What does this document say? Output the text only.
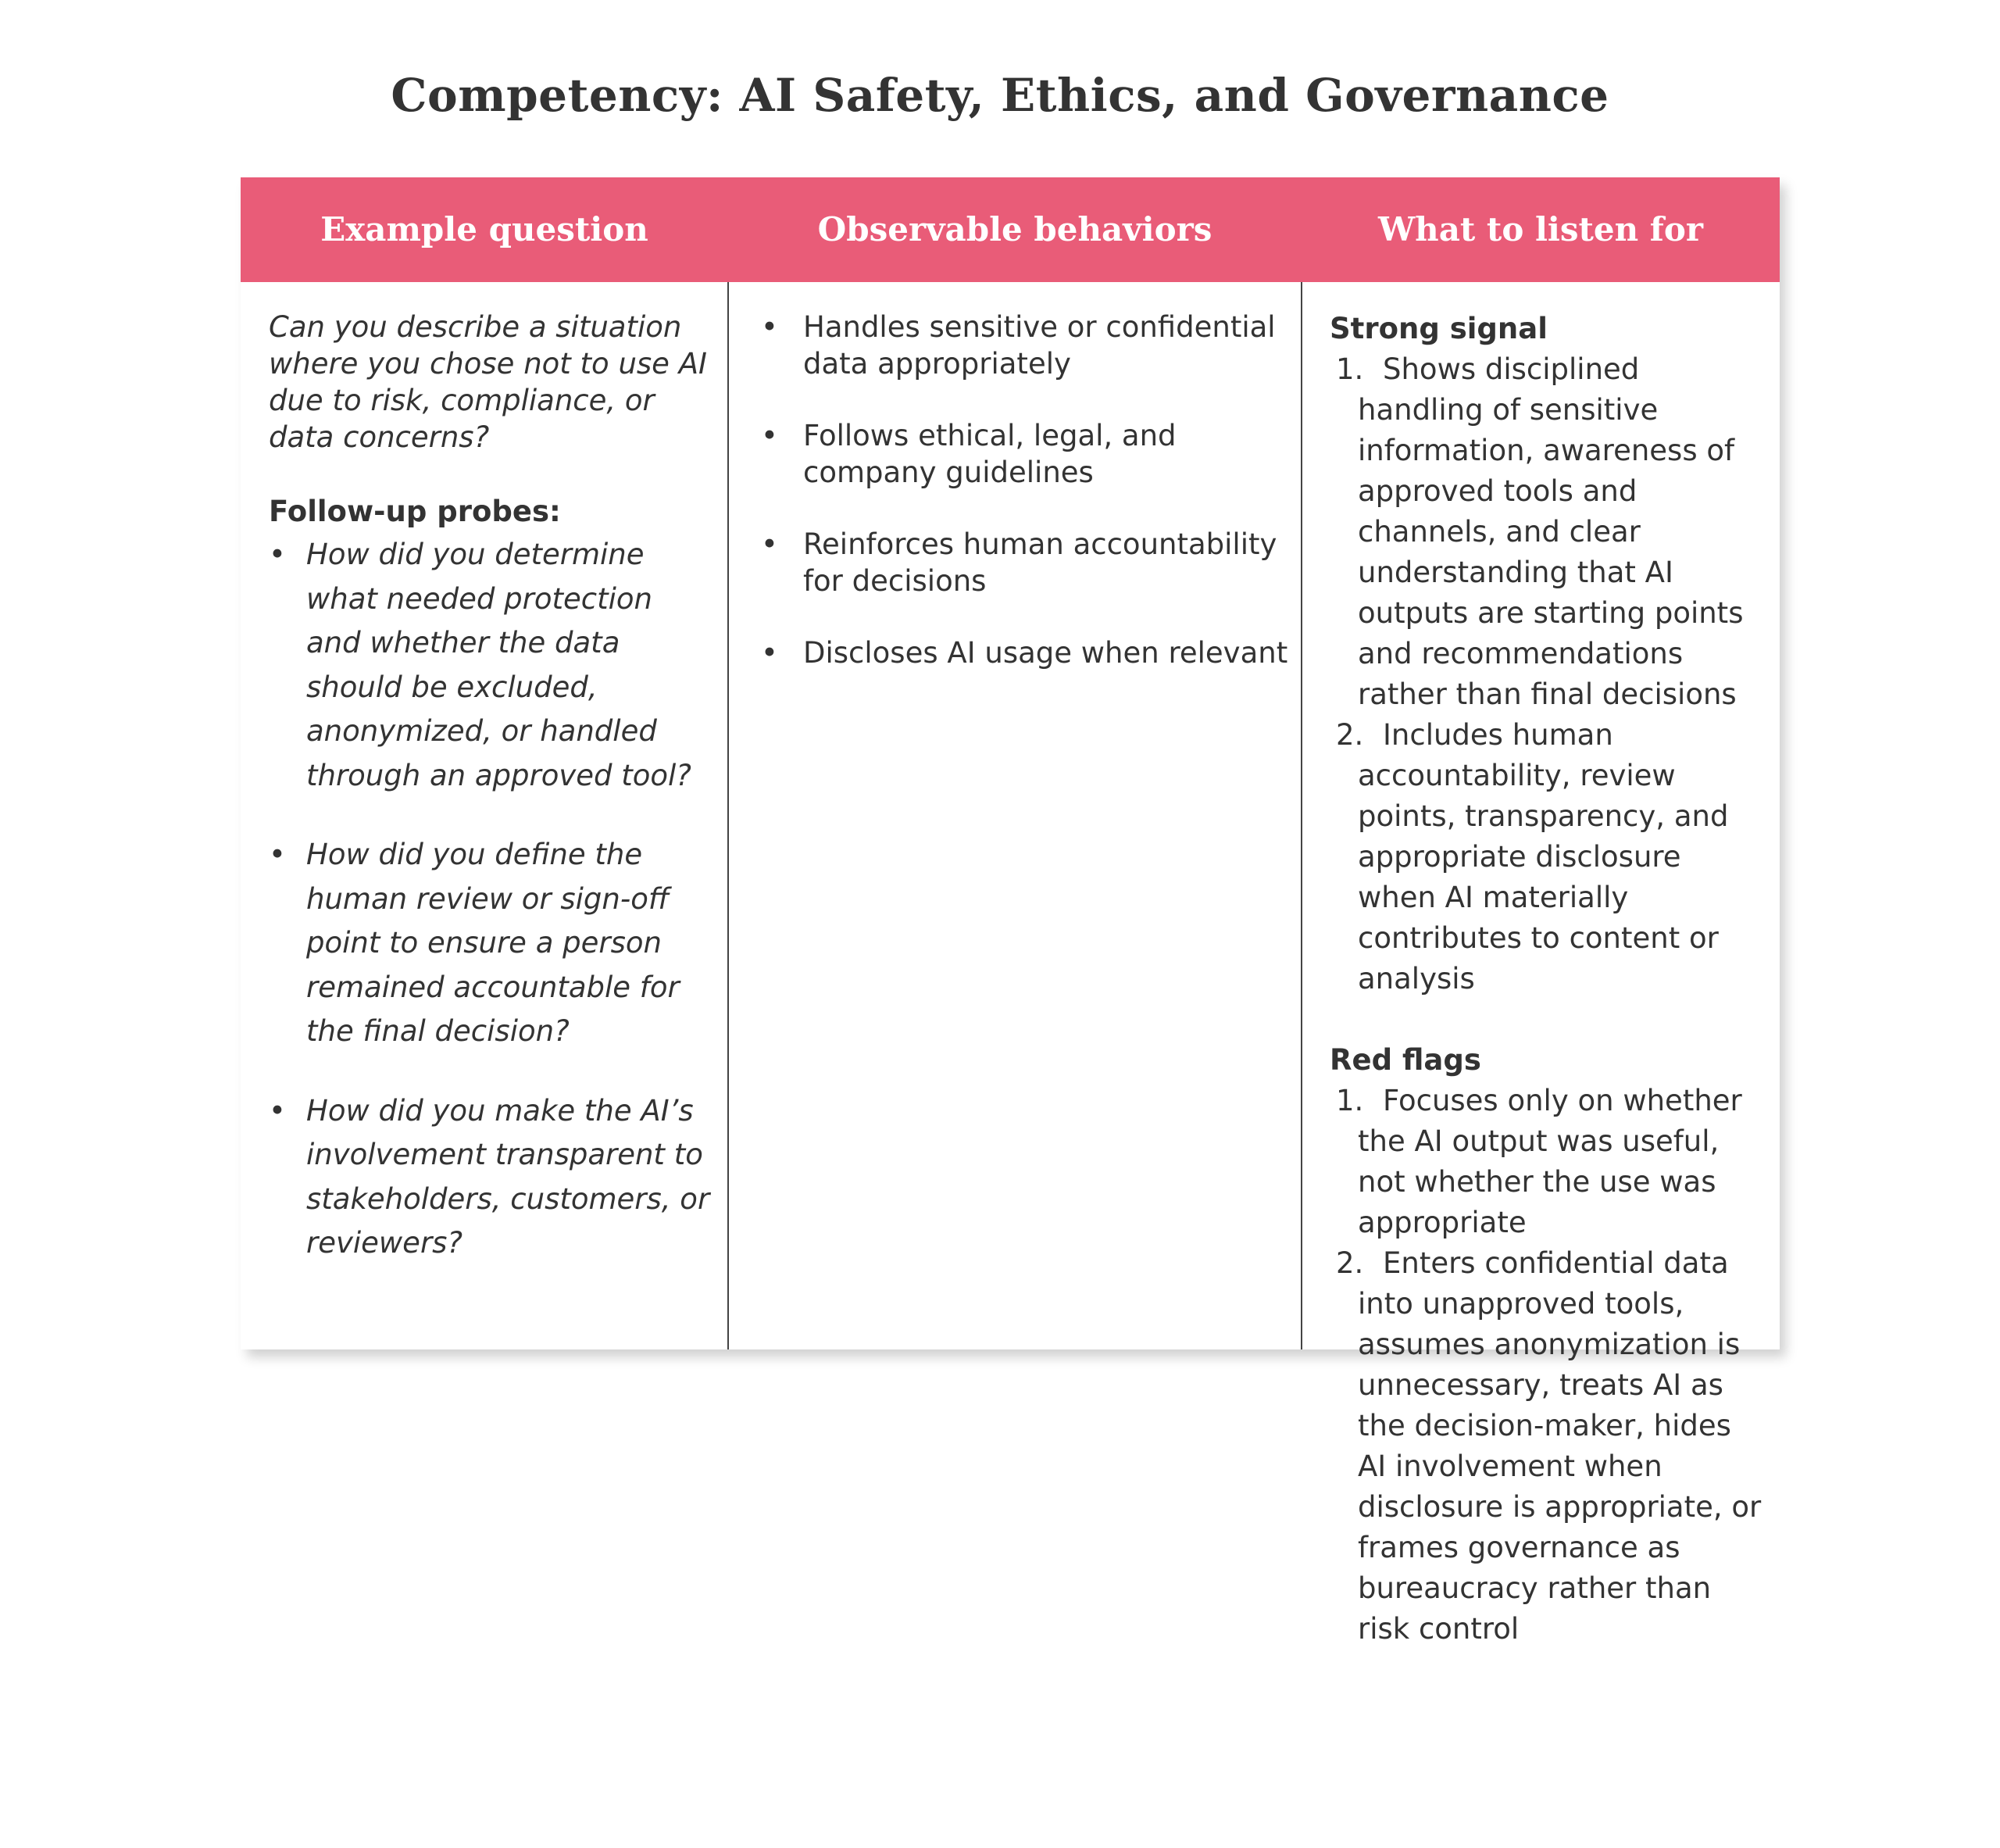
Competency: AI Safety, Ethics, and Governance
Example question	Observable behaviors	What to listen for

Can you describe a situation where you chose not to use AI due to risk, compliance, or data concerns?

Follow-up probes:

• How did you determine what needed protection and whether the data should be excluded, anonymized, or handled through an approved tool?
• How did you define the human review or sign-off point to ensure a person remained accountable for the final decision?
• How did you make the AI’s involvement transparent to stakeholders, customers, or reviewers?
• Handles sensitive or confidential data appropriately
• Follows ethical, legal, and company guidelines
• Reinforces human accountability for decisions
• Discloses AI usage when relevant

Strong signal

1. Shows disciplined handling of sensitive information, awareness of approved tools and channels, and clear understanding that AI outputs are starting points and recommendations rather than final decisions
2. Includes human accountability, review points, transparency, and appropriate disclosure when AI materially contributes to content or analysis

Red flags

1. Focuses only on whether the AI output was useful, not whether the use was appropriate
2. Enters confidential data into unapproved tools, assumes anonymization is unnecessary, treats AI as the decision-maker, hides AI involvement when disclosure is appropriate, or frames governance as bureaucracy rather than risk control
